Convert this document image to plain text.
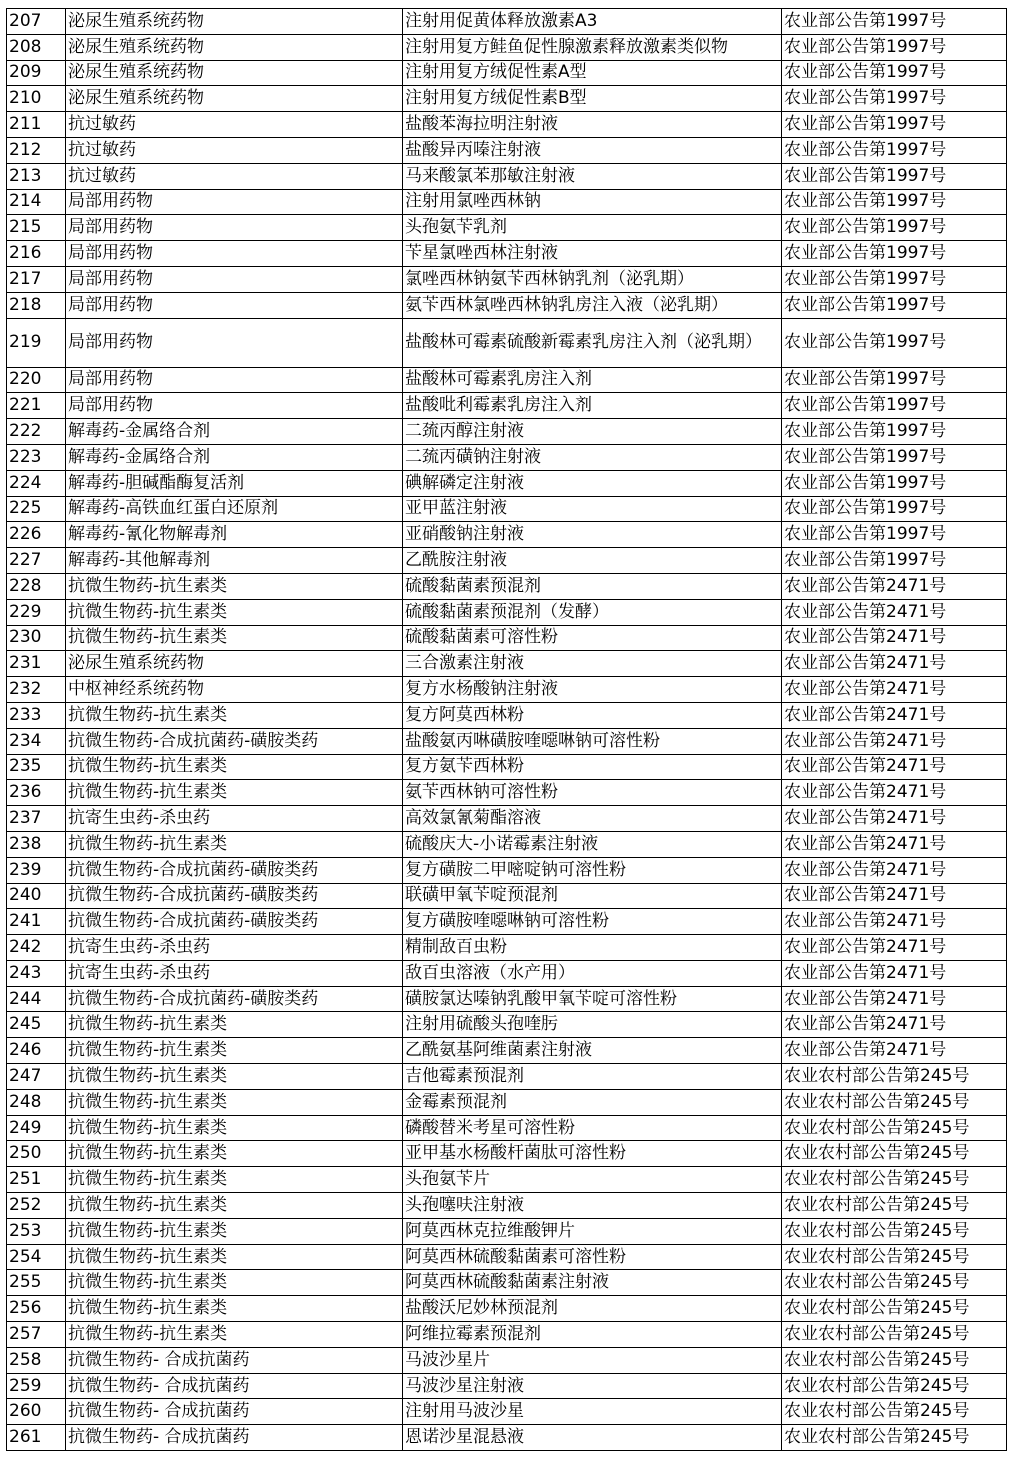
207	泌尿生殖系统药物	注射用促黄体释放激素A3	农业部公告第1997号
208	泌尿生殖系统药物	注射用复方鲑鱼促性腺激素释放激素类似物	农业部公告第1997号
209	泌尿生殖系统药物	注射用复方绒促性素A型	农业部公告第1997号
210	泌尿生殖系统药物	注射用复方绒促性素B型	农业部公告第1997号
211	抗过敏药	盐酸苯海拉明注射液	农业部公告第1997号
212	抗过敏药	盐酸异丙嗪注射液	农业部公告第1997号
213	抗过敏药	马来酸氯苯那敏注射液	农业部公告第1997号
214	局部用药物	注射用氯唑西林钠	农业部公告第1997号
215	局部用药物	头孢氨苄乳剂	农业部公告第1997号
216	局部用药物	苄星氯唑西林注射液	农业部公告第1997号
217	局部用药物	氯唑西林钠氨苄西林钠乳剂（泌乳期）	农业部公告第1997号
218	局部用药物	氨苄西林氯唑西林钠乳房注入液（泌乳期）	农业部公告第1997号
219	局部用药物	盐酸林可霉素硫酸新霉素乳房注入剂（泌乳期）	农业部公告第1997号
220	局部用药物	盐酸林可霉素乳房注入剂	农业部公告第1997号
221	局部用药物	盐酸吡利霉素乳房注入剂	农业部公告第1997号
222	解毒药-金属络合剂	二巯丙醇注射液	农业部公告第1997号
223	解毒药-金属络合剂	二巯丙磺钠注射液	农业部公告第1997号
224	解毒药-胆碱酯酶复活剂	碘解磷定注射液	农业部公告第1997号
225	解毒药-高铁血红蛋白还原剂	亚甲蓝注射液	农业部公告第1997号
226	解毒药-氰化物解毒剂	亚硝酸钠注射液	农业部公告第1997号
227	解毒药-其他解毒剂	乙酰胺注射液	农业部公告第1997号
228	抗微生物药-抗生素类	硫酸黏菌素预混剂	农业部公告第2471号
229	抗微生物药-抗生素类	硫酸黏菌素预混剂（发酵）	农业部公告第2471号
230	抗微生物药-抗生素类	硫酸黏菌素可溶性粉	农业部公告第2471号
231	泌尿生殖系统药物	三合激素注射液	农业部公告第2471号
232	中枢神经系统药物	复方水杨酸钠注射液	农业部公告第2471号
233	抗微生物药-抗生素类	复方阿莫西林粉	农业部公告第2471号
234	抗微生物药-合成抗菌药-磺胺类药	盐酸氨丙啉磺胺喹噁啉钠可溶性粉	农业部公告第2471号
235	抗微生物药-抗生素类	复方氨苄西林粉	农业部公告第2471号
236	抗微生物药-抗生素类	氨苄西林钠可溶性粉	农业部公告第2471号
237	抗寄生虫药-杀虫药	高效氯氰菊酯溶液	农业部公告第2471号
238	抗微生物药-抗生素类	硫酸庆大-小诺霉素注射液	农业部公告第2471号
239	抗微生物药-合成抗菌药-磺胺类药	复方磺胺二甲嘧啶钠可溶性粉	农业部公告第2471号
240	抗微生物药-合成抗菌药-磺胺类药	联磺甲氧苄啶预混剂	农业部公告第2471号
241	抗微生物药-合成抗菌药-磺胺类药	复方磺胺喹噁啉钠可溶性粉	农业部公告第2471号
242	抗寄生虫药-杀虫药	精制敌百虫粉	农业部公告第2471号
243	抗寄生虫药-杀虫药	敌百虫溶液（水产用）	农业部公告第2471号
244	抗微生物药-合成抗菌药-磺胺类药	磺胺氯达嗪钠乳酸甲氧苄啶可溶性粉	农业部公告第2471号
245	抗微生物药-抗生素类	注射用硫酸头孢喹肟	农业部公告第2471号
246	抗微生物药-抗生素类	乙酰氨基阿维菌素注射液	农业部公告第2471号
247	抗微生物药-抗生素类	吉他霉素预混剂	农业农村部公告第245号
248	抗微生物药-抗生素类	金霉素预混剂	农业农村部公告第245号
249	抗微生物药-抗生素类	磷酸替米考星可溶性粉	农业农村部公告第245号
250	抗微生物药-抗生素类	亚甲基水杨酸杆菌肽可溶性粉	农业农村部公告第245号
251	抗微生物药-抗生素类	头孢氨苄片	农业农村部公告第245号
252	抗微生物药-抗生素类	头孢噻呋注射液	农业农村部公告第245号
253	抗微生物药-抗生素类	阿莫西林克拉维酸钾片	农业农村部公告第245号
254	抗微生物药-抗生素类	阿莫西林硫酸黏菌素可溶性粉	农业农村部公告第245号
255	抗微生物药-抗生素类	阿莫西林硫酸黏菌素注射液	农业农村部公告第245号
256	抗微生物药-抗生素类	盐酸沃尼妙林预混剂	农业农村部公告第245号
257	抗微生物药-抗生素类	阿维拉霉素预混剂	农业农村部公告第245号
258	抗微生物药- 合成抗菌药	马波沙星片	农业农村部公告第245号
259	抗微生物药- 合成抗菌药	马波沙星注射液	农业农村部公告第245号
260	抗微生物药- 合成抗菌药	注射用马波沙星	农业农村部公告第245号
261	抗微生物药- 合成抗菌药	恩诺沙星混悬液	农业农村部公告第245号
